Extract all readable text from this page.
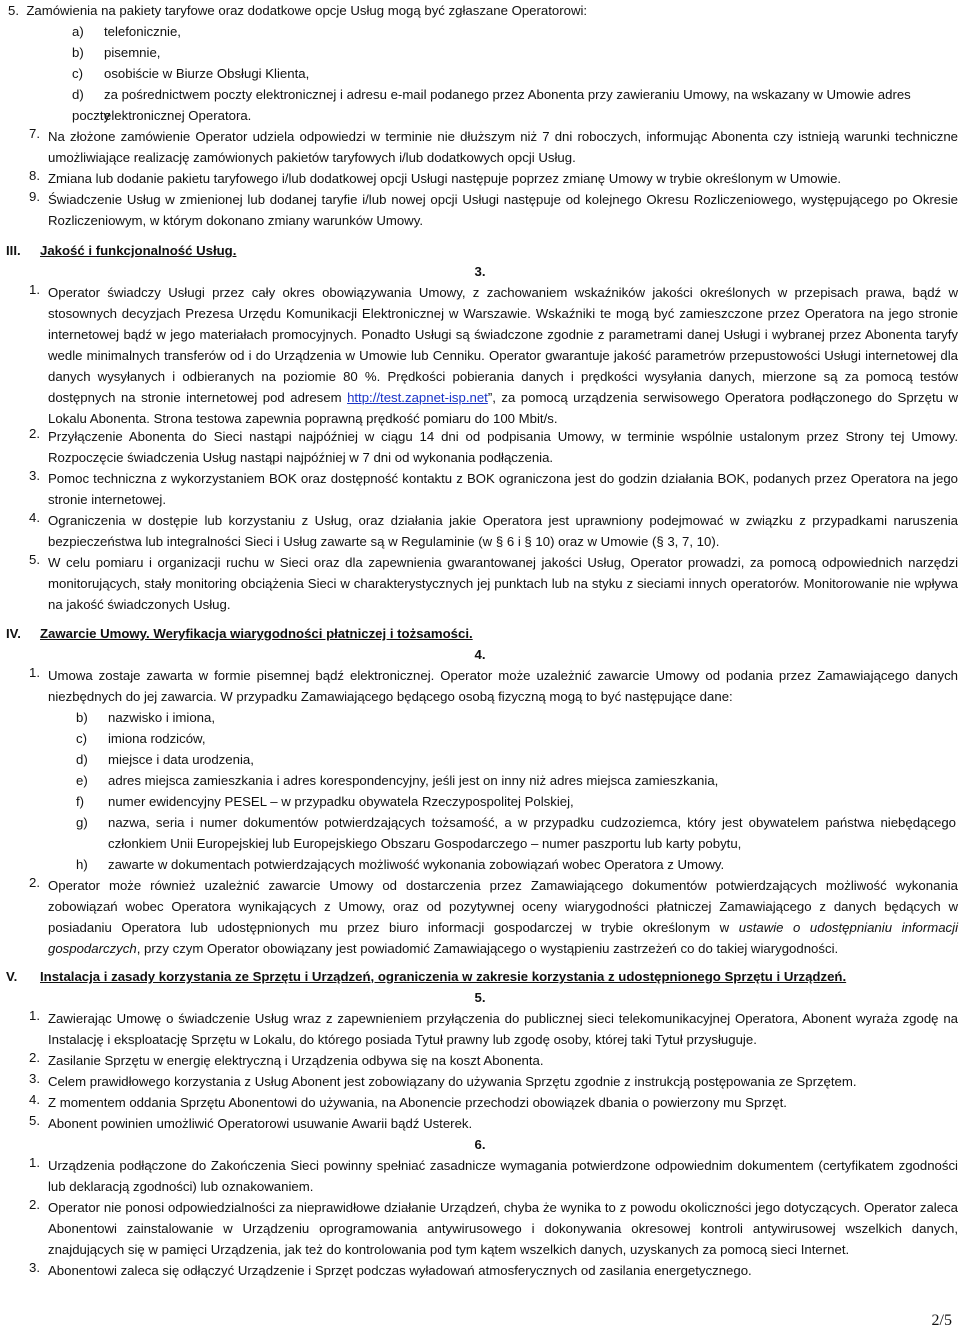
5.  Zamówienia na pakiety taryfowe oraz dodatkowe opcje Usług mogą być zgłaszane Operatorowi:
a) telefonicznie,
b) pisemnie,
c) osobiście w Biurze Obsługi Klienta,
d) za pośrednictwem poczty elektronicznej i adresu e-mail podanego przez Abonenta przy zawieraniu Umowy, na wskazany w Umowie adres poczty
elektronicznej Operatora.
7. Na złożone zamówienie Operator udziela odpowiedzi w terminie nie dłuższym niż 7 dni roboczych, informując Abonenta czy istnieją warunki techniczne umożliwiające realizację zamówionych pakietów taryfowych i/lub dodatkowych opcji Usług.
8. Zmiana lub dodanie pakietu taryfowego i/lub dodatkowej opcji Usługi następuje poprzez zmianę Umowy w trybie określonym w Umowie.
9. Świadczenie Usług w zmienionej lub dodanej taryfie i/lub nowej opcji Usługi następuje od kolejnego Okresu Rozliczeniowego, występującego po Okresie Rozliczeniowym, w którym dokonano zmiany warunków Umowy.
III. Jakość i funkcjonalność Usług.
3.
1. Operator świadczy Usługi przez cały okres obowiązywania Umowy, z zachowaniem wskaźników jakości określonych w przepisach prawa, bądź w stosownych decyzjach Prezesa Urzędu Komunikacji Elektronicznej w Warszawie. Wskaźniki te mogą być zamieszczone przez Operatora na jego stronie internetowej bądź w jego materiałach promocyjnych. Ponadto Usługi są świadczone zgodnie z parametrami danej Usługi i wybranej przez Abonenta taryfy wedle minimalnych transferów od i do Urządzenia w Umowie lub Cenniku. Operator gwarantuje jakość parametrów przepustowości Usługi internetowej dla danych wysyłanych i odbieranych na poziomie 80 %. Prędkości pobierania danych i prędkości wysyłania danych, mierzone są za pomocą testów dostępnych na stronie internetowej pod adresem http://test.zapnet-isp.net”, za pomocą urządzenia serwisowego Operatora podłączonego do Sprzętu w Lokalu Abonenta. Strona testowa zapewnia poprawną prędkość pomiaru do 100 Mbit/s.
2. Przyłączenie Abonenta do Sieci nastąpi najpóźniej w ciągu 14 dni od podpisania Umowy, w terminie wspólnie ustalonym przez Strony tej Umowy. Rozpoczęcie świadczenia Usług nastąpi najpóźniej w 7 dni od wykonania podłączenia.
3. Pomoc techniczna z wykorzystaniem BOK oraz dostępność kontaktu z BOK ograniczona jest do godzin działania BOK, podanych przez Operatora na jego stronie internetowej.
4. Ograniczenia w dostępie lub korzystaniu z Usług, oraz działania jakie Operatora jest uprawniony podejmować w związku z przypadkami naruszenia bezpieczeństwa lub integralności Sieci i Usług zawarte są w Regulaminie (w § 6 i § 10) oraz w Umowie (§ 3, 7, 10).
5. W celu pomiaru i organizacji ruchu w Sieci oraz dla zapewnienia gwarantowanej jakości Usług, Operator prowadzi, za pomocą odpowiednich narzędzi monitorujących, stały monitoring obciążenia Sieci w charakterystycznych jej punktach lub na styku z sieciami innych operatorów. Monitorowanie nie wpływa na jakość świadczonych Usług.
IV. Zawarcie Umowy. Weryfikacja wiarygodności płatniczej i tożsamości.
4.
1. Umowa zostaje zawarta w formie pisemnej bądź elektronicznej. Operator może uzależnić zawarcie Umowy od podania przez Zamawiającego danych niezbędnych do jej zawarcia. W przypadku Zamawiającego będącego osobą fizyczną mogą to być następujące dane:
b) nazwisko i imiona,
c) imiona rodziców,
d) miejsce i data urodzenia,
e) adres miejsca zamieszkania i adres korespondencyjny, jeśli jest on inny niż adres miejsca zamieszkania,
f) numer ewidencyjny PESEL – w przypadku obywatela Rzeczypospolitej Polskiej,
g)	nazwa, seria i numer dokumentów potwierdzających tożsamość, a w przypadku cudzoziemca, który jest obywatelem państwa niebędącego członkiem Unii Europejskiej lub Europejskiego Obszaru Gospodarczego – numer paszportu lub karty pobytu,
h) zawarte w dokumentach potwierdzających możliwość wykonania zobowiązań wobec Operatora z Umowy.
2. Operator może również uzależnić zawarcie Umowy od dostarczenia przez Zamawiającego dokumentów potwierdzających możliwość wykonania zobowiązań wobec Operatora wynikających z Umowy, oraz od pozytywnej oceny wiarygodności płatniczej Zamawiającego z danych będących w posiadaniu Operatora lub udostępnionych mu przez biuro informacji gospodarczej w trybie określonym w ustawie o udostępnianiu informacji gospodarczych, przy czym Operator obowiązany jest powiadomić Zamawiającego o wystąpieniu zastrzeżeń co do takiej wiarygodności.
V. Instalacja i zasady korzystania ze Sprzętu i Urządzeń, ograniczenia w zakresie korzystania z udostępnionego Sprzętu i Urządzeń.
5.
1. Zawierając Umowę o świadczenie Usług wraz z zapewnieniem przyłączenia do publicznej sieci telekomunikacyjnej Operatora, Abonent wyraża zgodę na Instalację i eksploatację Sprzętu w Lokalu, do którego posiada Tytuł prawny lub zgodę osoby, której taki Tytuł przysługuje.
2. Zasilanie Sprzętu w energię elektryczną i Urządzenia odbywa się na koszt Abonenta.
3. Celem prawidłowego korzystania z Usług Abonent jest zobowiązany do używania Sprzętu zgodnie z instrukcją postępowania ze Sprzętem.
4. Z momentem oddania Sprzętu Abonentowi do używania, na Abonencie przechodzi obowiązek dbania o powierzony mu Sprzęt.
5. Abonent powinien umożliwić Operatorowi usuwanie Awarii bądź Usterek.
6.
1. Urządzenia podłączone do Zakończenia Sieci powinny spełniać zasadnicze wymagania potwierdzone odpowiednim dokumentem (certyfikatem zgodności lub deklaracją zgodności) lub oznakowaniem.
2. Operator nie ponosi odpowiedzialności za nieprawidłowe działanie Urządzeń, chyba że wynika to z powodu okoliczności jego dotyczących. Operator zaleca Abonentowi zainstalowanie w Urządzeniu oprogramowania antywirusowego i dokonywania okresowej kontroli antywirusowej wszelkich danych, znajdujących się w pamięci Urządzenia, jak też do kontrolowania pod tym kątem wszelkich danych, uzyskanych za pomocą sieci Internet.
3. Abonentowi zaleca się odłączyć Urządzenie i Sprzęt podczas wyładowań atmosferycznych od zasilania energetycznego.
2/5
